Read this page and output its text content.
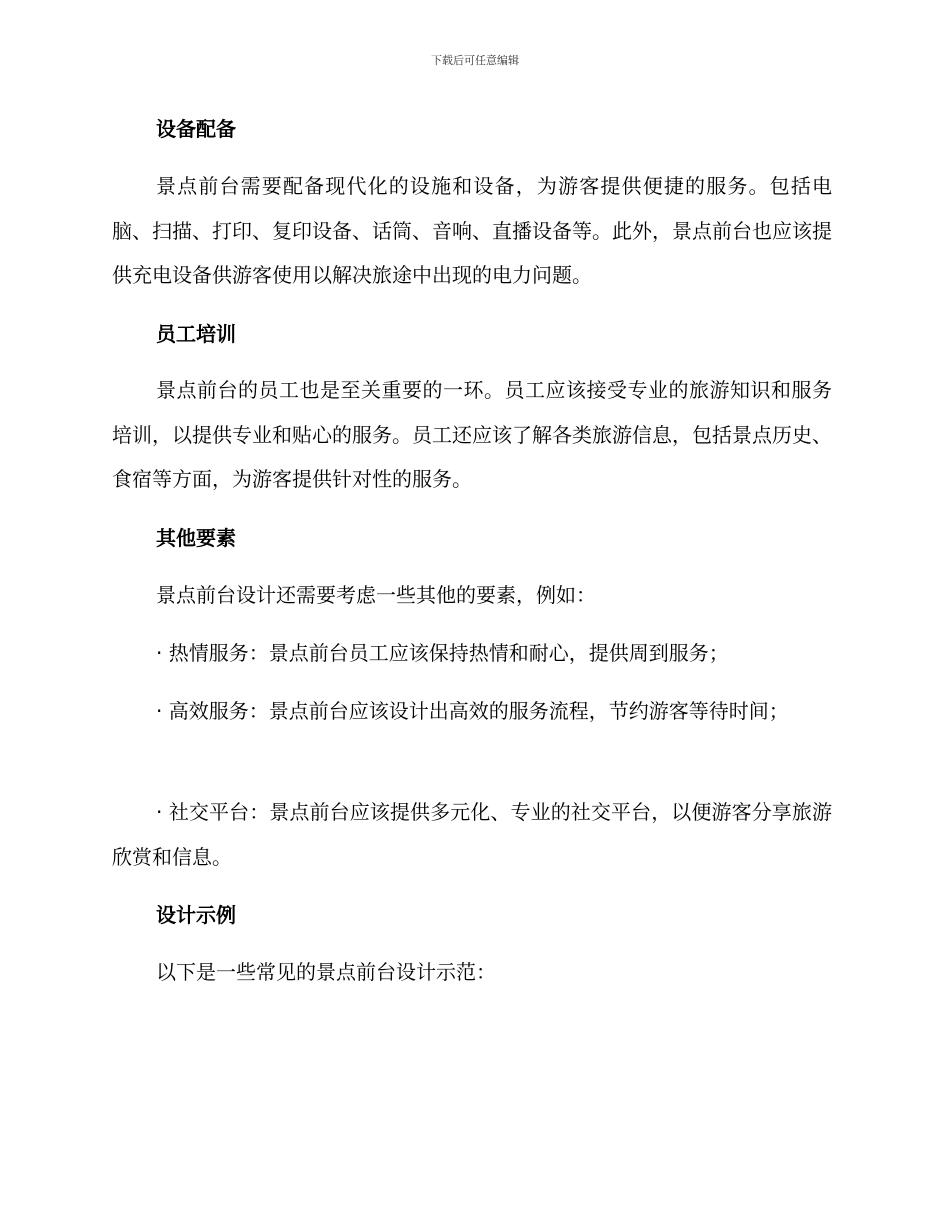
下载后可任意编辑
设备配备

景点前台需要配备现代化的设施和设备，为游客提供便捷的服务。包括电脑、扫描、打印、复印设备、话筒、音响、直播设备等。此外，景点前台也应该提供充电设备供游客使用以解决旅途中出现的电力问题。

员工培训

景点前台的员工也是至关重要的一环。员工应该接受专业的旅游知识和服务培训，以提供专业和贴心的服务。员工还应该了解各类旅游信息，包括景点历史、食宿等方面，为游客提供针对性的服务。

其他要素

景点前台设计还需要考虑一些其他的要素，例如：

· 热情服务：景点前台员工应该保持热情和耐心，提供周到服务；

· 高效服务：景点前台应该设计出高效的服务流程，节约游客等待时间；

· 社交平台：景点前台应该提供多元化、专业的社交平台，以便游客分享旅游欣赏和信息。

设计示例

以下是一些常见的景点前台设计示范：
